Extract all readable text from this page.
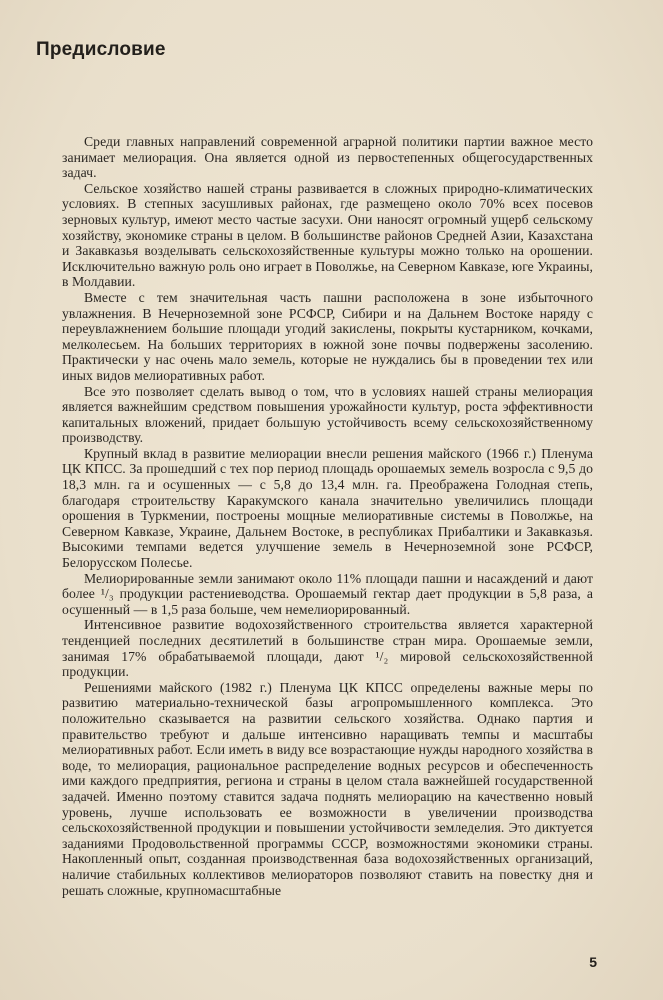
Предисловие

Среди главных направлений современной аграрной политики партии важное место занимает мелиорация. Она является одной из первостепенных общегосударственных задач.

Сельское хозяйство нашей страны развивается в сложных природно-климатических условиях. В степных засушливых районах, где размещено около 70% всех посевов зерновых культур, имеют место частые засухи. Они наносят огромный ущерб сельскому хозяйству, экономике страны в целом. В большинстве районов Средней Азии, Казахстана и Закавказья возделывать сельскохозяйственные культуры можно только на орошении. Исключительно важную роль оно играет в Поволжье, на Северном Кавказе, юге Украины, в Молдавии.

Вместе с тем значительная часть пашни расположена в зоне избыточного увлажнения. В Нечерноземной зоне РСФСР, Сибири и на Дальнем Востоке наряду с переувлажнением большие площади угодий закислены, покрыты кустарником, кочками, мелколесьем. На больших территориях в южной зоне почвы подвержены засолению. Практически у нас очень мало земель, которые не нуждались бы в проведении тех или иных видов мелиоративных работ.

Все это позволяет сделать вывод о том, что в условиях нашей страны мелиорация является важнейшим средством повышения урожайности культур, роста эффективности капитальных вложений, придает большую устойчивость всему сельскохозяйственному производству.

Крупный вклад в развитие мелиорации внесли решения майского (1966 г.) Пленума ЦК КПСС. За прошедший с тех пор период площадь орошаемых земель возросла с 9,5 до 18,3 млн. га и осушенных — с 5,8 до 13,4 млн. га. Преображена Голодная степь, благодаря строительству Каракумского канала значительно увеличились площади орошения в Туркмении, построены мощные мелиоративные системы в Поволжье, на Северном Кавказе, Украине, Дальнем Востоке, в республиках Прибалтики и Закавказья. Высокими темпами ведется улучшение земель в Нечерноземной зоне РСФСР, Белорусском Полесье.

Мелиорированные земли занимают около 11% площади пашни и насаждений и дают более ¹/₃ продукции растениеводства. Орошаемый гектар дает продукции в 5,8 раза, а осушенный — в 1,5 раза больше, чем немелиорированный.

Интенсивное развитие водохозяйственного строительства является характерной тенденцией последних десятилетий в большинстве стран мира. Орошаемые земли, занимая 17% обрабатываемой площади, дают ¹/₂ мировой сельскохозяйственной продукции.

Решениями майского (1982 г.) Пленума ЦК КПСС определены важные меры по развитию материально-технической базы агропромышленного комплекса. Это положительно сказывается на развитии сельского хозяйства. Однако партия и правительство требуют и дальше интенсивно наращивать темпы и масштабы мелиоративных работ. Если иметь в виду все возрастающие нужды народного хозяйства в воде, то мелиорация, рациональное распределение водных ресурсов и обеспеченность ими каждого предприятия, региона и страны в целом стала важнейшей государственной задачей. Именно поэтому ставится задача поднять мелиорацию на качественно новый уровень, лучше использовать ее возможности в увеличении производства сельскохозяйственной продукции и повышении устойчивости земледелия. Это диктуется заданиями Продовольственной программы СССР, возможностями экономики страны. Накопленный опыт, созданная производственная база водохозяйственных организаций, наличие стабильных коллективов мелиораторов позволяют ставить на повестку дня и решать сложные, крупномасштабные

5
